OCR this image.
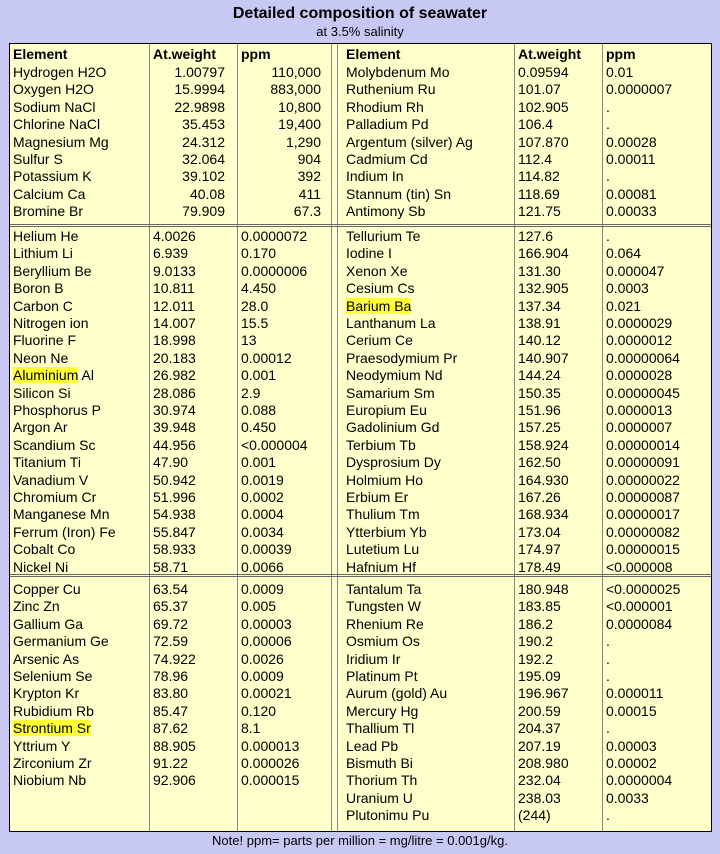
Detailed composition of seawater
at 3.5% salinity
Element	At.weight ppm
Hydrogen H2O	1.00797	110,000
Oxygen H2O	15.9994	883,000
Sodium NaCl	22.9898	10,800
Chlorine NaCl	35.453	19,400
Magnesium Mg	24.312	1,290
Sulfur S	32.064	904
Potassium K	39.102	392
Calcium Ca	40.08	411
Bromine Br	79.909	67.3
Helium He	4.0026	0.0000072
Lithium Li	6.939	0.170
Beryllium Be	9.0133	0.0000006
Boron B	10.811	4.450
Carbon C	12.011	28.0
Nitrogen ion	14.007	15.5
Fluorine F	18.998	13
Neon Ne	20.183	0.00012
Aluminium Al	26.982	0.001
Silicon Si	28.086	2.9
Phosphorus P	30.974	0.088
Argon Ar	39.948	0.450
Scandium Sc	44.956	<0.000004
Titanium Ti	47.90	0.001
Vanadium V	50.942	0.0019
Chromium Cr	51.996	0.0002
Manganese Mn	54.938	0.0004
Ferrum (Iron) Fe	55.847	0.0034
Cobalt Co	58.933	0.00039
Nickel Ni	58.71	0.0066
Copper Cu	63.54	0.0009
Zinc Zn	65.37	0.005
Gallium Ga	69.72	0.00003
Germanium Ge	72.59	0.00006
Arsenic As	74.922	0.0026
Selenium Se	78.96	0.0009
Krypton Kr	83.80	0.00021
Rubidium Rb	85.47	0.120
Strontium Sr	87.62	8.1
Yttrium Y	88.905	0.000013
Zirconium Zr	91.22	0.000026
Niobium Nb	92.906	0.000015
Element	At.weight ppm
Molybdenum Mo	0.09594	0.01
Ruthenium Ru	101.07	0.0000007
Rhodium Rh	102.905	.
Palladium Pd	106.4	.
Argentum (silver) Ag	107.870	0.00028
Cadmium Cd	112.4	0.00011
Indium In	114.82	.
Stannum (tin) Sn	118.69	0.00081
Antimony Sb	121.75	0.00033
Tellurium Te	127.6	.
Iodine I	166.904	0.064
Xenon Xe	131.30	0.000047
Cesium Cs	132.905	0.0003
Barium Ba	137.34	0.021
Lanthanum La	138.91	0.0000029
Cerium Ce	140.12	0.0000012
Praesodymium Pr	140.907	0.00000064
Neodymium Nd	144.24	0.0000028
Samarium Sm	150.35	0.00000045
Europium Eu	151.96	0.0000013
Gadolinium Gd	157.25	0.0000007
Terbium Tb	158.924	0.00000014
Dysprosium Dy	162.50	0.00000091
Holmium Ho	164.930	0.00000022
Erbium Er	167.26	0.00000087
Thulium Tm	168.934	0.00000017
Ytterbium Yb	173.04	0.00000082
Lutetium Lu	174.97	0.00000015
Hafnium Hf	178.49	<0.000008
Tantalum Ta	180.948	<0.0000025
Tungsten W	183.85	<0.000001
Rhenium Re	186.2	0.0000084
Osmium Os	190.2	.
Iridium Ir	192.2	.
Platinum Pt	195.09	.
Aurum (gold) Au	196.967	0.000011
Mercury Hg	200.59	0.00015
Thallium Tl	204.37	.
Lead Pb	207.19	0.00003
Bismuth Bi	208.980	0.00002
Thorium Th	232.04	0.0000004
Uranium U	238.03	0.0033
Plutonimu Pu	(244)	.
Note! ppm= parts per million = mg/litre = 0.001g/kg.
